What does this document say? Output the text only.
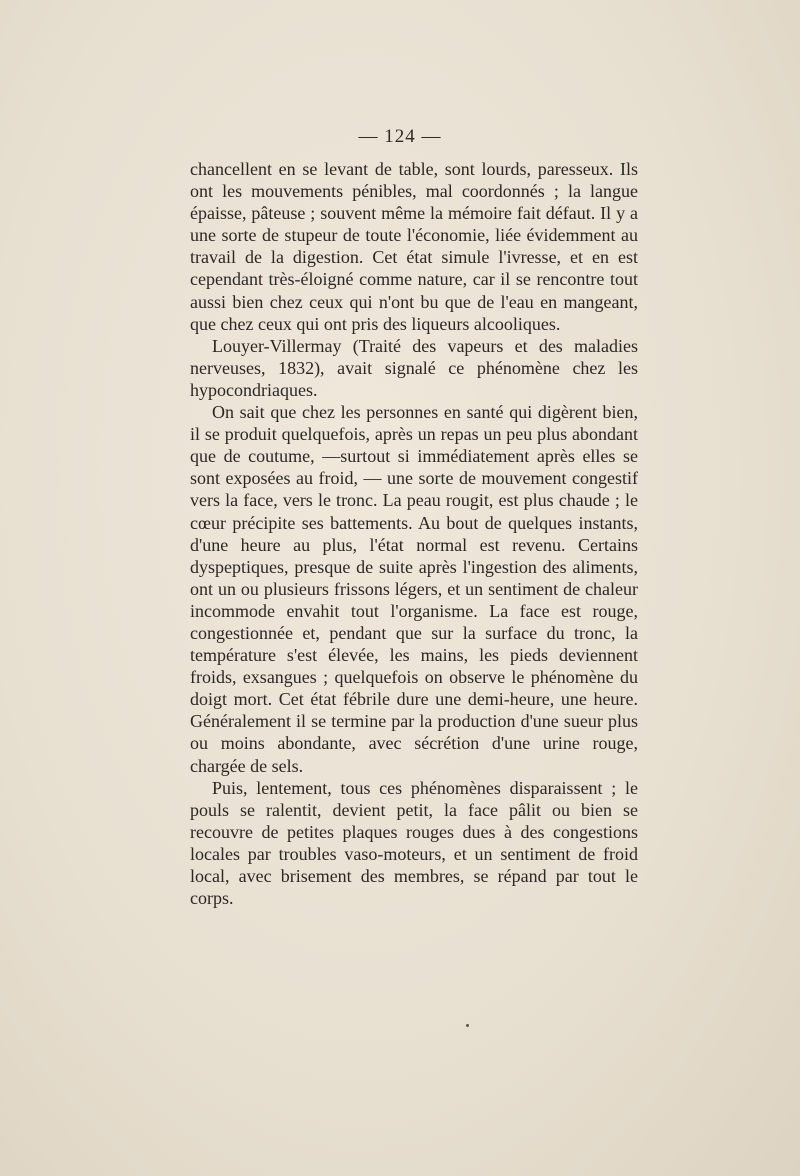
— 124 —

chancellent en se levant de table, sont lourds, paresseux. Ils ont les mouvements pénibles, mal coordonnés ; la langue épaisse, pâteuse ; souvent même la mémoire fait défaut. Il y a une sorte de stupeur de toute l'économie, liée évidemment au travail de la digestion. Cet état simule l'ivresse, et en est cependant très-éloigné comme nature, car il se rencontre tout aussi bien chez ceux qui n'ont bu que de l'eau en mangeant, que chez ceux qui ont pris des liqueurs alcooliques.

Louyer-Villermay (Traité des vapeurs et des maladies nerveuses, 1832), avait signalé ce phénomène chez les hypocondriaques.

On sait que chez les personnes en santé qui digèrent bien, il se produit quelquefois, après un repas un peu plus abondant que de coutume, —surtout si immédiatement après elles se sont exposées au froid, — une sorte de mouvement congestif vers la face, vers le tronc. La peau rougit, est plus chaude ; le cœur précipite ses battements. Au bout de quelques instants, d'une heure au plus, l'état normal est revenu. Certains dyspeptiques, presque de suite après l'ingestion des aliments, ont un ou plusieurs frissons légers, et un sentiment de chaleur incommode envahit tout l'organisme. La face est rouge, congestionnée et, pendant que sur la surface du tronc, la température s'est élevée, les mains, les pieds deviennent froids, exsangues ; quelquefois on observe le phénomène du doigt mort. Cet état fébrile dure une demi-heure, une heure. Généralement il se termine par la production d'une sueur plus ou moins abondante, avec sécrétion d'une urine rouge, chargée de sels.

Puis, lentement, tous ces phénomènes disparaissent ; le pouls se ralentit, devient petit, la face pâlit ou bien se recouvre de petites plaques rouges dues à des congestions locales par troubles vaso-moteurs, et un sentiment de froid local, avec brisement des membres, se répand par tout le corps.
